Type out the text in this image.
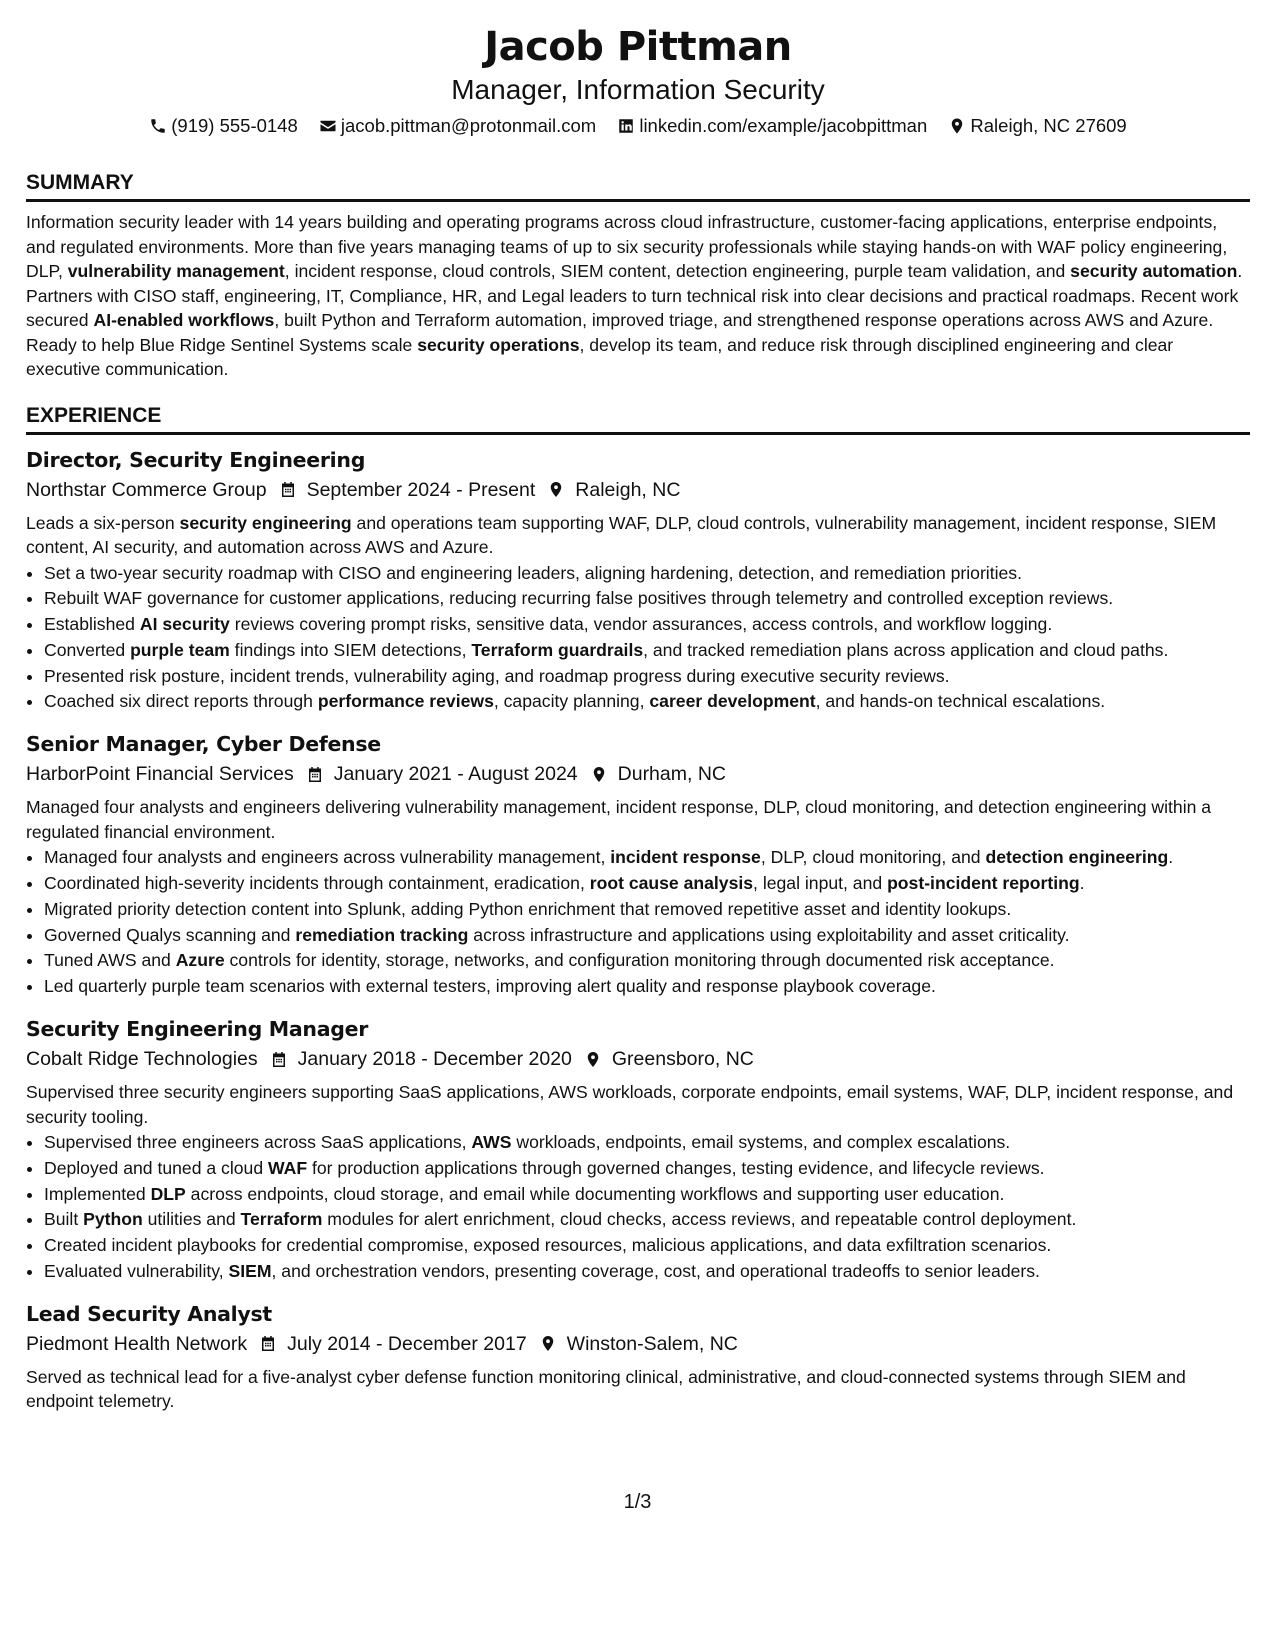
Jacob Pittman
Manager, Information Security
(919) 555-0148
jacob.pittman@protonmail.com
linkedin.com/example/jacobpittman
Raleigh, NC 27609
SUMMARY
Information security leader with 14 years building and operating programs across cloud infrastructure, customer-facing applications, enterprise endpoints, and regulated environments. More than five years managing teams of up to six security professionals while staying hands-on with WAF policy engineering, DLP, vulnerability management, incident response, cloud controls, SIEM content, detection engineering, purple team validation, and security automation. Partners with CISO staff, engineering, IT, Compliance, HR, and Legal leaders to turn technical risk into clear decisions and practical roadmaps. Recent work secured AI-enabled workflows, built Python and Terraform automation, improved triage, and strengthened response operations across AWS and Azure. Ready to help Blue Ridge Sentinel Systems scale security operations, develop its team, and reduce risk through disciplined engineering and clear executive communication.
EXPERIENCE
Director, Security Engineering
Northstar Commerce Group September 2024 - Present Raleigh, NC
Leads a six-person security engineering and operations team supporting WAF, DLP, cloud controls, vulnerability management, incident response, SIEM content, AI security, and automation across AWS and Azure.
• Set a two-year security roadmap with CISO and engineering leaders, aligning hardening, detection, and remediation priorities.
• Rebuilt WAF governance for customer applications, reducing recurring false positives through telemetry and controlled exception reviews.
• Established AI security reviews covering prompt risks, sensitive data, vendor assurances, access controls, and workflow logging.
• Converted purple team findings into SIEM detections, Terraform guardrails, and tracked remediation plans across application and cloud paths.
• Presented risk posture, incident trends, vulnerability aging, and roadmap progress during executive security reviews.
• Coached six direct reports through performance reviews, capacity planning, career development, and hands-on technical escalations.
Senior Manager, Cyber Defense
HarborPoint Financial Services January 2021 - August 2024 Durham, NC
Managed four analysts and engineers delivering vulnerability management, incident response, DLP, cloud monitoring, and detection engineering within a regulated financial environment.
• Managed four analysts and engineers across vulnerability management, incident response, DLP, cloud monitoring, and detection engineering.
• Coordinated high-severity incidents through containment, eradication, root cause analysis, legal input, and post-incident reporting.
• Migrated priority detection content into Splunk, adding Python enrichment that removed repetitive asset and identity lookups.
• Governed Qualys scanning and remediation tracking across infrastructure and applications using exploitability and asset criticality.
• Tuned AWS and Azure controls for identity, storage, networks, and configuration monitoring through documented risk acceptance.
• Led quarterly purple team scenarios with external testers, improving alert quality and response playbook coverage.
Security Engineering Manager
Cobalt Ridge Technologies January 2018 - December 2020 Greensboro, NC
Supervised three security engineers supporting SaaS applications, AWS workloads, corporate endpoints, email systems, WAF, DLP, incident response, and security tooling.
• Supervised three engineers across SaaS applications, AWS workloads, endpoints, email systems, and complex escalations.
• Deployed and tuned a cloud WAF for production applications through governed changes, testing evidence, and lifecycle reviews.
• Implemented DLP across endpoints, cloud storage, and email while documenting workflows and supporting user education.
• Built Python utilities and Terraform modules for alert enrichment, cloud checks, access reviews, and repeatable control deployment.
• Created incident playbooks for credential compromise, exposed resources, malicious applications, and data exfiltration scenarios.
• Evaluated vulnerability, SIEM, and orchestration vendors, presenting coverage, cost, and operational tradeoffs to senior leaders.
Lead Security Analyst
Piedmont Health Network July 2014 - December 2017 Winston-Salem, NC
Served as technical lead for a five-analyst cyber defense function monitoring clinical, administrative, and cloud-connected systems through SIEM and endpoint telemetry.
1/3
